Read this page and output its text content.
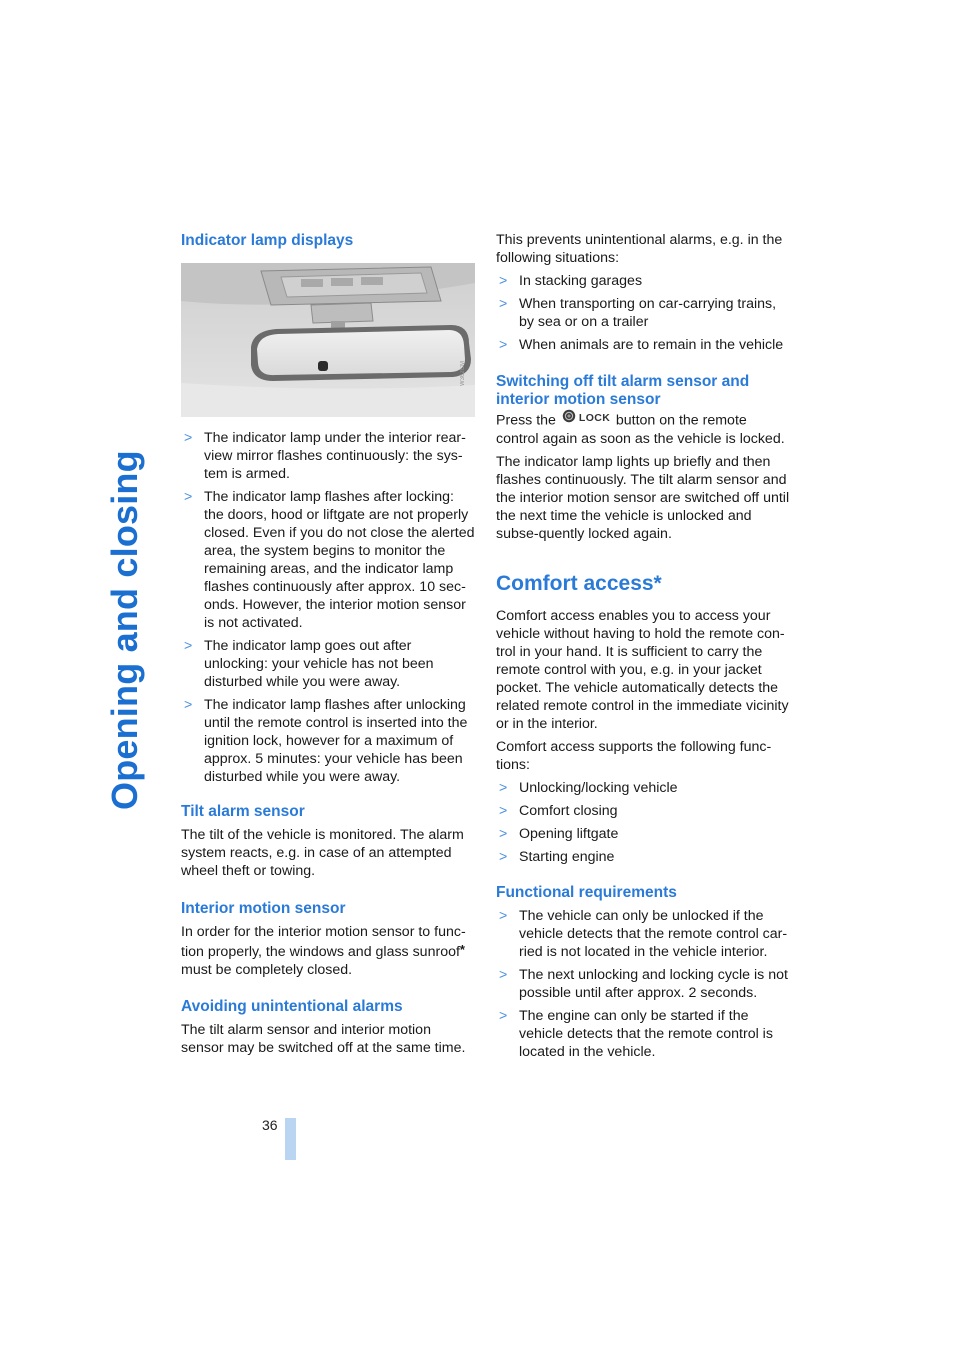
Opening and closing
Indicator lamp displays
W362CM
> The indicator lamp under the interior rear-view mirror flashes continuously: the sys-tem is armed.
> The indicator lamp flashes after locking: the doors, hood or liftgate are not properly closed. Even if you do not close the alerted area, the system begins to monitor the remaining areas, and the indicator lamp flashes continuously after approx. 10 sec-onds. However, the interior motion sensor is not activated.
> The indicator lamp goes out after unlocking: your vehicle has not been disturbed while you were away.
> The indicator lamp flashes after unlocking until the remote control is inserted into the ignition lock, however for a maximum of approx. 5 minutes: your vehicle has been disturbed while you were away.
Tilt alarm sensor

The tilt of the vehicle is monitored. The alarm system reacts, e.g. in case of an attempted wheel theft or towing.

Interior motion sensor

In order for the interior motion sensor to func-tion properly, the windows and glass sunroof* must be completely closed.

Avoiding unintentional alarms

The tilt alarm sensor and interior motion sensor may be switched off at the same time.

This prevents unintentional alarms, e.g. in the following situations:

> In stacking garages
> When transporting on car-carrying trains, by sea or on a trailer
> When animals are to remain in the vehicle
Switching off tilt alarm sensor and interior motion sensor

Press the LOCK button on the remote control again as soon as the vehicle is locked.

The indicator lamp lights up briefly and then flashes continuously. The tilt alarm sensor and the interior motion sensor are switched off until the next time the vehicle is unlocked and subse-quently locked again.

Comfort access*

Comfort access enables you to access your vehicle without having to hold the remote con-trol in your hand. It is sufficient to carry the remote control with you, e.g. in your jacket pocket. The vehicle automatically detects the related remote control in the immediate vicinity or in the interior.

Comfort access supports the following func-tions:

> Unlocking/locking vehicle
> Comfort closing
> Opening liftgate
> Starting engine
Functional requirements
> The vehicle can only be unlocked if the vehicle detects that the remote control car-ried is not located in the vehicle interior.
> The next unlocking and locking cycle is not possible until after approx. 2 seconds.
> The engine can only be started if the vehicle detects that the remote control is located in the vehicle.
36
